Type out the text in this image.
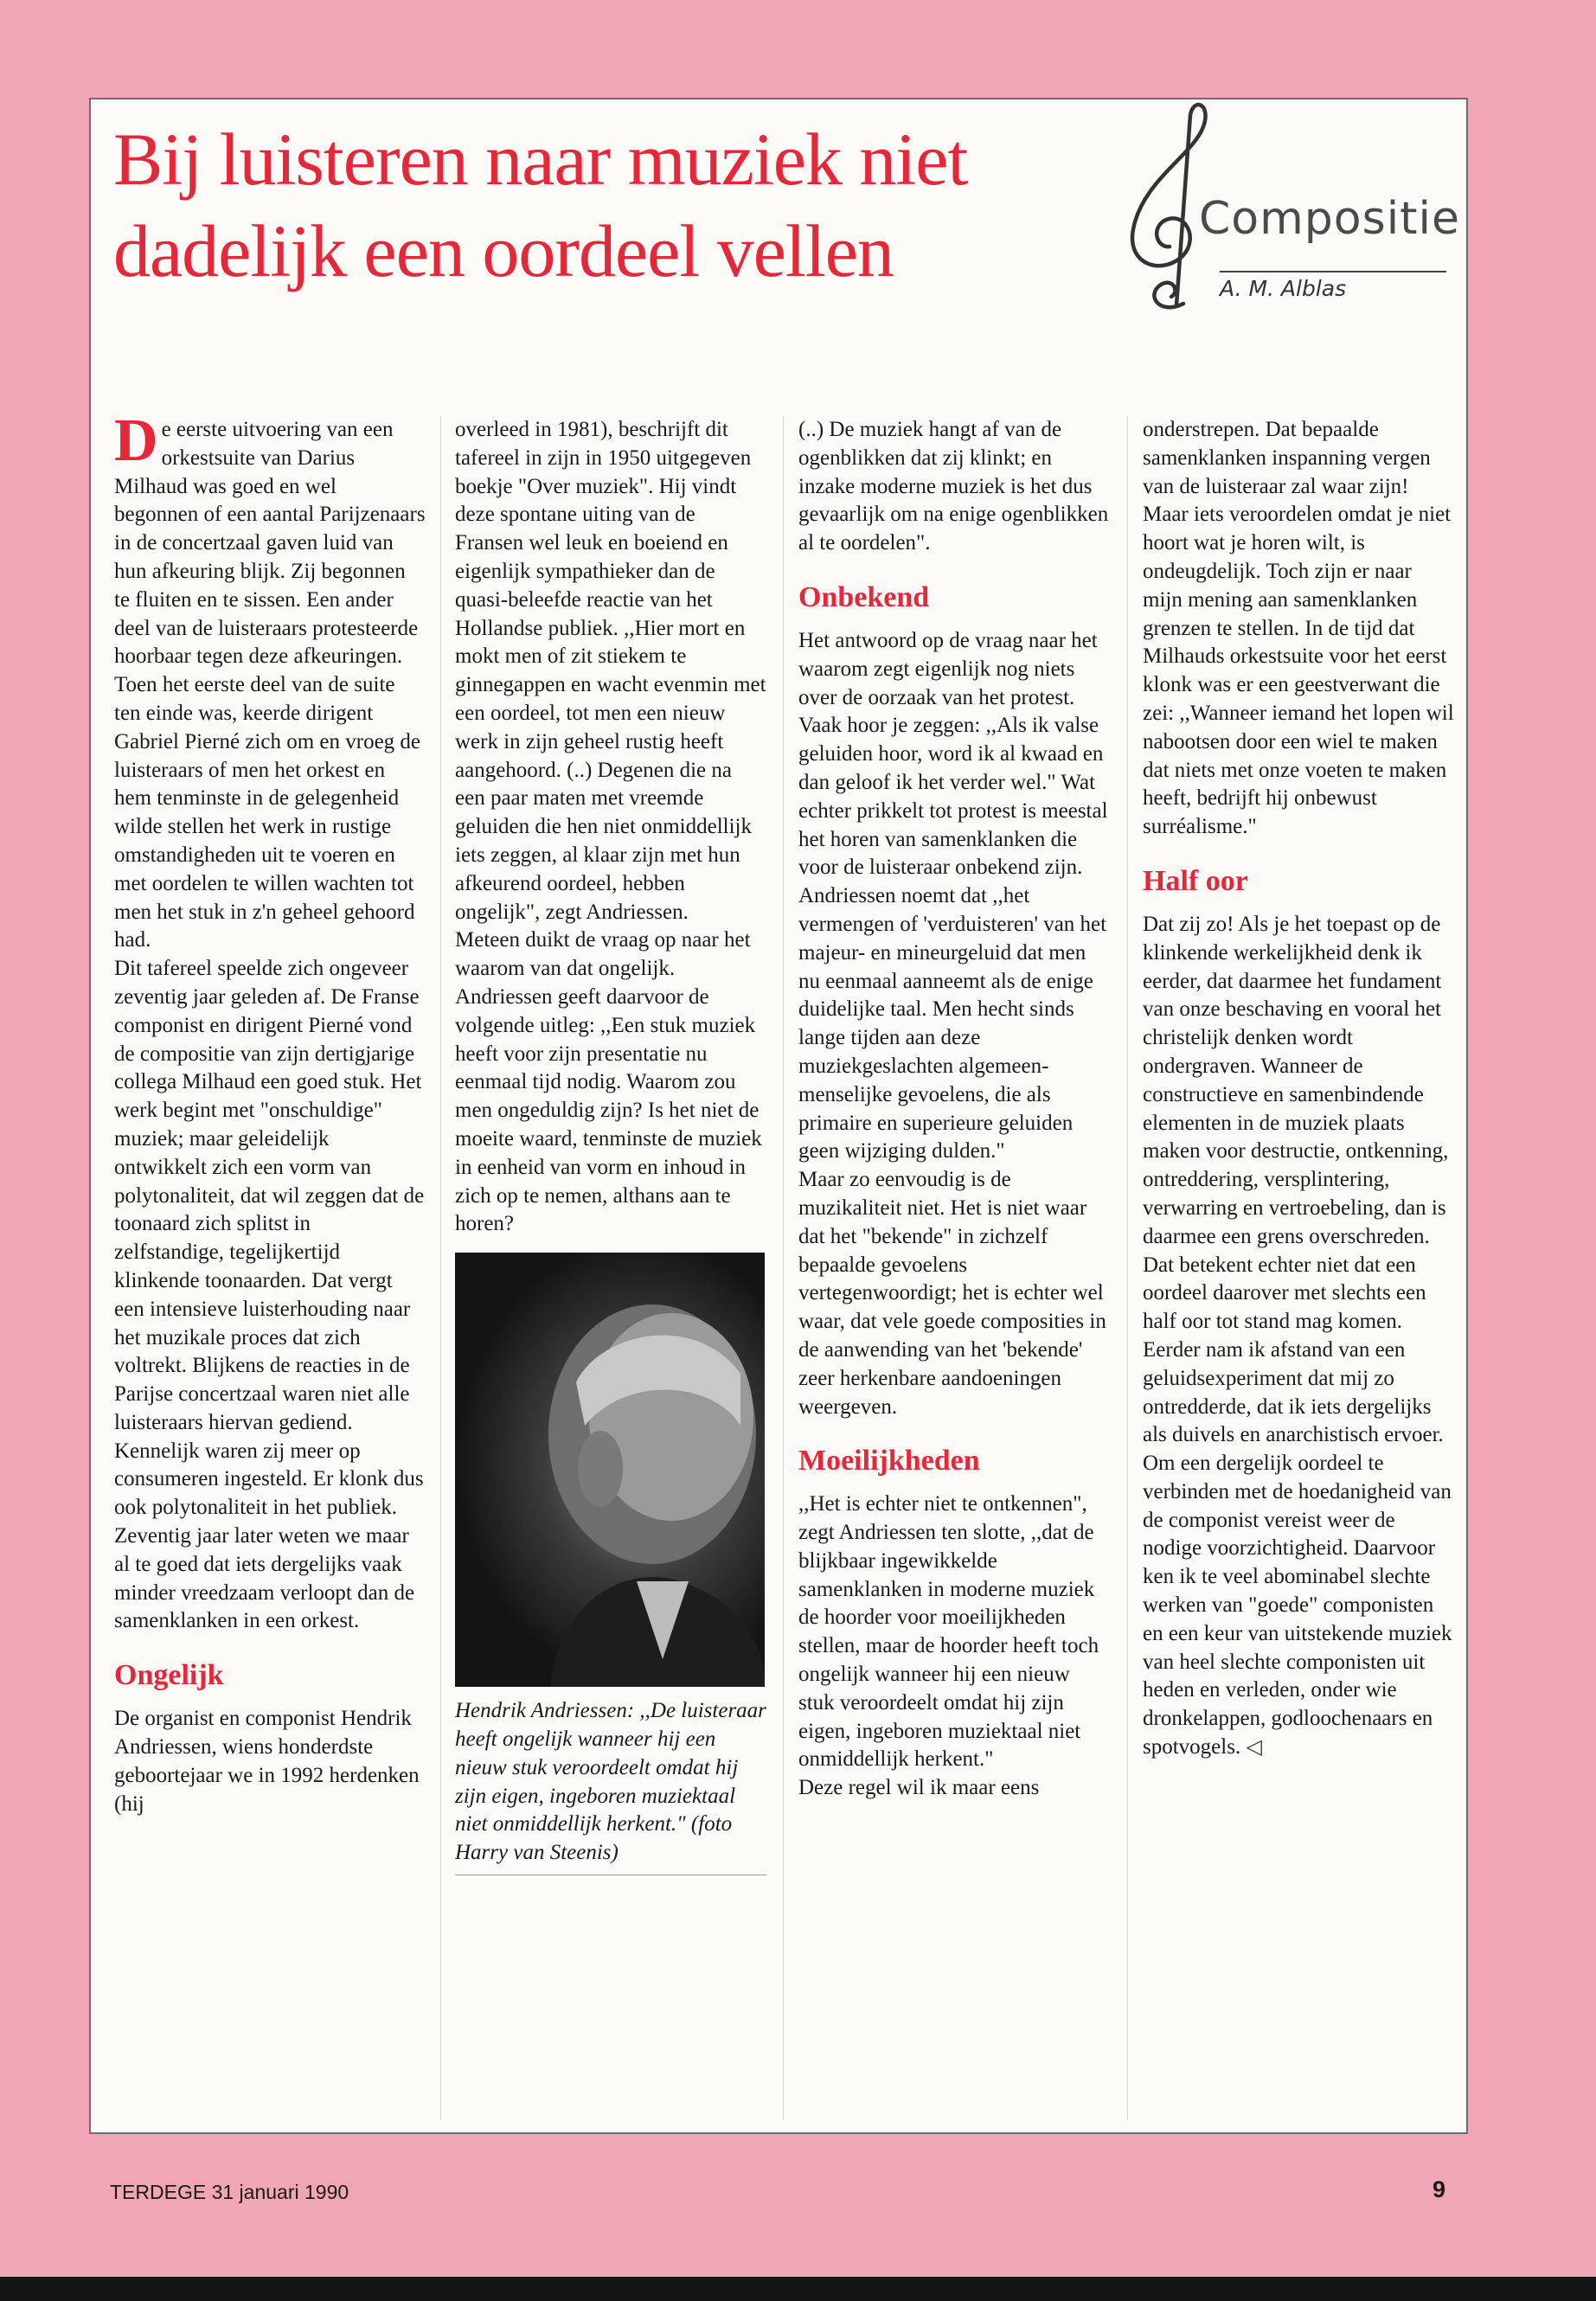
Bij luisteren naar muziek niet dadelijk een oordeel vellen	Compositie
A. M. Alblas

De eerste uitvoering van een orkestsuite van Darius Milhaud was goed en wel begonnen of een aantal Parijzenaars in de concertzaal gaven luid van hun afkeuring blijk. Zij begonnen te fluiten en te sissen. Een ander deel van de luisteraars protesteerde hoorbaar tegen deze afkeuringen.

Toen het eerste deel van de suite ten einde was, keerde dirigent Gabriel Pierné zich om en vroeg de luisteraars of men het orkest en hem tenminste in de gelegenheid wilde stellen het werk in rustige omstandigheden uit te voeren en met oordelen te willen wachten tot men het stuk in z'n geheel gehoord had.

Dit tafereel speelde zich ongeveer zeventig jaar geleden af. De Franse componist en dirigent Pierné vond de compositie van zijn dertigjarige collega Milhaud een goed stuk. Het werk begint met "onschuldige" muziek; maar geleidelijk ontwikkelt zich een vorm van polytonaliteit, dat wil zeggen dat de toonaard zich splitst in zelfstandige, tegelijkertijd klinkende toonaarden. Dat vergt een intensieve luisterhouding naar het muzikale proces dat zich voltrekt. Blijkens de reacties in de Parijse concertzaal waren niet alle luisteraars hiervan gediend. Kennelijk waren zij meer op consumeren ingesteld. Er klonk dus ook polytonaliteit in het publiek. Zeventig jaar later weten we maar al te goed dat iets dergelijks vaak minder vreedzaam verloopt dan de samenklanken in een orkest.

Ongelijk

De organist en componist Hendrik Andriessen, wiens honderdste geboortejaar we in 1992 herdenken (hij

overleed in 1981), beschrijft dit tafereel in zijn in 1950 uitgegeven boekje "Over muziek". Hij vindt deze spontane uiting van de Fransen wel leuk en boeiend en eigenlijk sympathieker dan de quasi-beleefde reactie van het Hollandse publiek. ,,Hier mort en mokt men of zit stiekem te ginnegappen en wacht evenmin met een oordeel, tot men een nieuw werk in zijn geheel rustig heeft aangehoord. (..) Degenen die na een paar maten met vreemde geluiden die hen niet onmiddellijk iets zeggen, al klaar zijn met hun afkeurend oordeel, hebben ongelijk", zegt Andriessen.

Meteen duikt de vraag op naar het waarom van dat ongelijk. Andriessen geeft daarvoor de volgende uitleg: ,,Een stuk muziek heeft voor zijn presentatie nu eenmaal tijd nodig. Waarom zou men ongeduldig zijn? Is het niet de moeite waard, tenminste de muziek in eenheid van vorm en inhoud in zich op te nemen, althans aan te horen?

Hendrik Andriessen: ,,De luisteraar heeft ongelijk wanneer hij een nieuw stuk veroordeelt omdat hij zijn eigen, ingeboren muziektaal niet onmiddellijk herkent." (foto Harry van Steenis)

(..) De muziek hangt af van de ogenblikken dat zij klinkt; en inzake moderne muziek is het dus gevaarlijk om na enige ogenblikken al te oordelen".

Onbekend

Het antwoord op de vraag naar het waarom zegt eigenlijk nog niets over de oorzaak van het protest. Vaak hoor je zeggen: ,,Als ik valse geluiden hoor, word ik al kwaad en dan geloof ik het verder wel." Wat echter prikkelt tot protest is meestal het horen van samenklanken die voor de luisteraar onbekend zijn. Andriessen noemt dat ,,het vermengen of 'verduisteren' van het majeur- en mineurgeluid dat men nu eenmaal aanneemt als de enige duidelijke taal. Men hecht sinds lange tijden aan deze muziekgeslachten algemeen-menselijke gevoelens, die als primaire en superieure geluiden geen wijziging dulden."

Maar zo eenvoudig is de muzikaliteit niet. Het is niet waar dat het "bekende" in zichzelf bepaalde gevoelens vertegenwoordigt; het is echter wel waar, dat vele goede composities in de aanwending van het 'bekende' zeer herkenbare aandoeningen weergeven.

Moeilijkheden

,,Het is echter niet te ontkennen", zegt Andriessen ten slotte, ,,dat de blijkbaar ingewikkelde samenklanken in moderne muziek de hoorder voor moeilijkheden stellen, maar de hoorder heeft toch ongelijk wanneer hij een nieuw stuk veroordeelt omdat hij zijn eigen, ingeboren muziektaal niet onmiddellijk herkent."

Deze regel wil ik maar eens

onderstrepen. Dat bepaalde samenklanken inspanning vergen van de luisteraar zal waar zijn! Maar iets veroordelen omdat je niet hoort wat je horen wilt, is ondeugdelijk. Toch zijn er naar mijn mening aan samenklanken grenzen te stellen. In de tijd dat Milhauds orkestsuite voor het eerst klonk was er een geestverwant die zei: ,,Wanneer iemand het lopen wil nabootsen door een wiel te maken dat niets met onze voeten te maken heeft, bedrijft hij onbewust surréalisme."

Half oor

Dat zij zo! Als je het toepast op de klinkende werkelijkheid denk ik eerder, dat daarmee het fundament van onze beschaving en vooral het christelijk denken wordt ondergraven. Wanneer de constructieve en samenbindende elementen in de muziek plaats maken voor destructie, ontkenning, ontreddering, versplintering, verwarring en vertroebeling, dan is daarmee een grens overschreden. Dat betekent echter niet dat een oordeel daarover met slechts een half oor tot stand mag komen. Eerder nam ik afstand van een geluidsexperiment dat mij zo ontredderde, dat ik iets dergelijks als duivels en anarchistisch ervoer. Om een dergelijk oordeel te verbinden met de hoedanigheid van de componist vereist weer de nodige voorzichtigheid. Daarvoor ken ik te veel abominabel slechte werken van "goede" componisten en een keur van uitstekende muziek van heel slechte componisten uit heden en verleden, onder wie dronkelappen, godloochenaars en spotvogels. ◁

TERDEGE 31 januari 1990	9
